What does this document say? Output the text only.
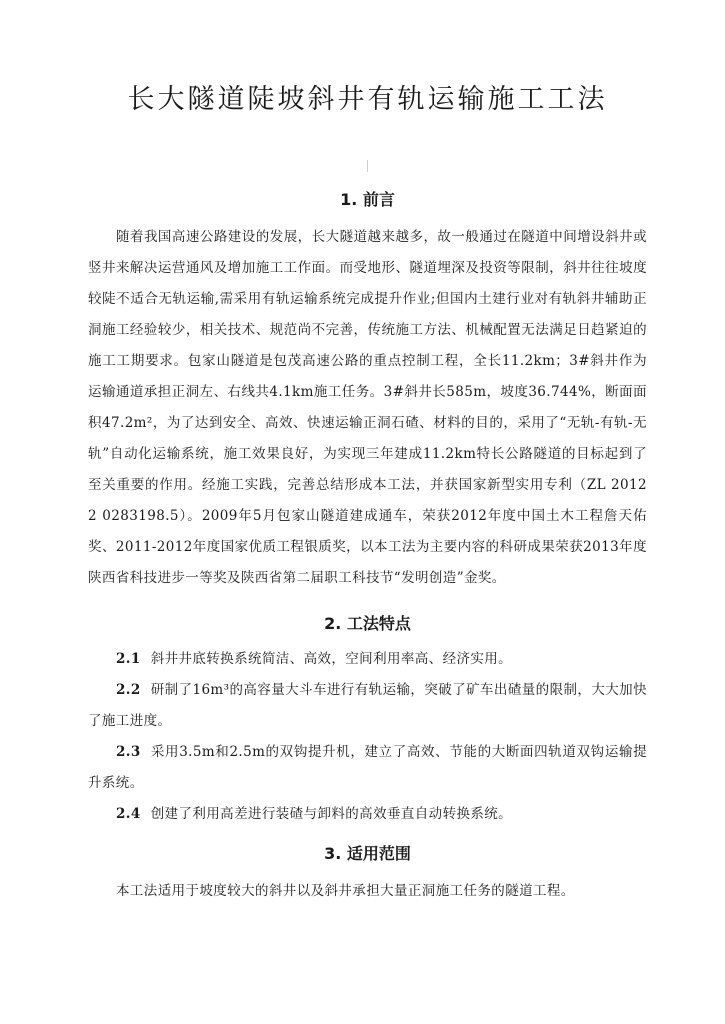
长大隧道陡坡斜井有轨运输施工工法
1. 前言

随着我国高速公路建设的发展，长大隧道越来越多，故一般通过在隧道中间增设斜井或竖井来解决运营通风及增加施工工作面。而受地形、隧道埋深及投资等限制，斜井往往坡度较陡不适合无轨运输,需采用有轨运输系统完成提升作业;但国内土建行业对有轨斜井辅助正洞施工经验较少，相关技术、规范尚不完善，传统施工方法、机械配置无法满足日趋紧迫的施工工期要求。包家山隧道是包茂高速公路的重点控制工程，全长11.2km；3#斜井作为运输通道承担正洞左、右线共4.1km施工任务。3#斜井长585m，坡度36.744%，断面面积47.2m²，为了达到安全、高效、快速运输正洞石碴、材料的目的，采用了“无轨-有轨-无轨”自动化运输系统，施工效果良好，为实现三年建成11.2km特长公路隧道的目标起到了至关重要的作用。经施工实践，完善总结形成本工法，并获国家新型实用专利（ZL 2012 2 0283198.5）。2009年5月包家山隧道建成通车，荣获2012年度中国土木工程詹天佑奖、2011-2012年度国家优质工程银质奖，以本工法为主要内容的科研成果荣获2013年度陕西省科技进步一等奖及陕西省第二届职工科技节“发明创造”金奖。

2. 工法特点

2.1 斜井井底转换系统简洁、高效，空间利用率高、经济实用。

2.2 研制了16m³的高容量大斗车进行有轨运输，突破了矿车出碴量的限制，大大加快了施工进度。

2.3 采用3.5m和2.5m的双钩提升机，建立了高效、节能的大断面四轨道双钩运输提升系统。

2.4 创建了利用高差进行装碴与卸料的高效垂直自动转换系统。

3. 适用范围

本工法适用于坡度较大的斜井以及斜井承担大量正洞施工任务的隧道工程。
